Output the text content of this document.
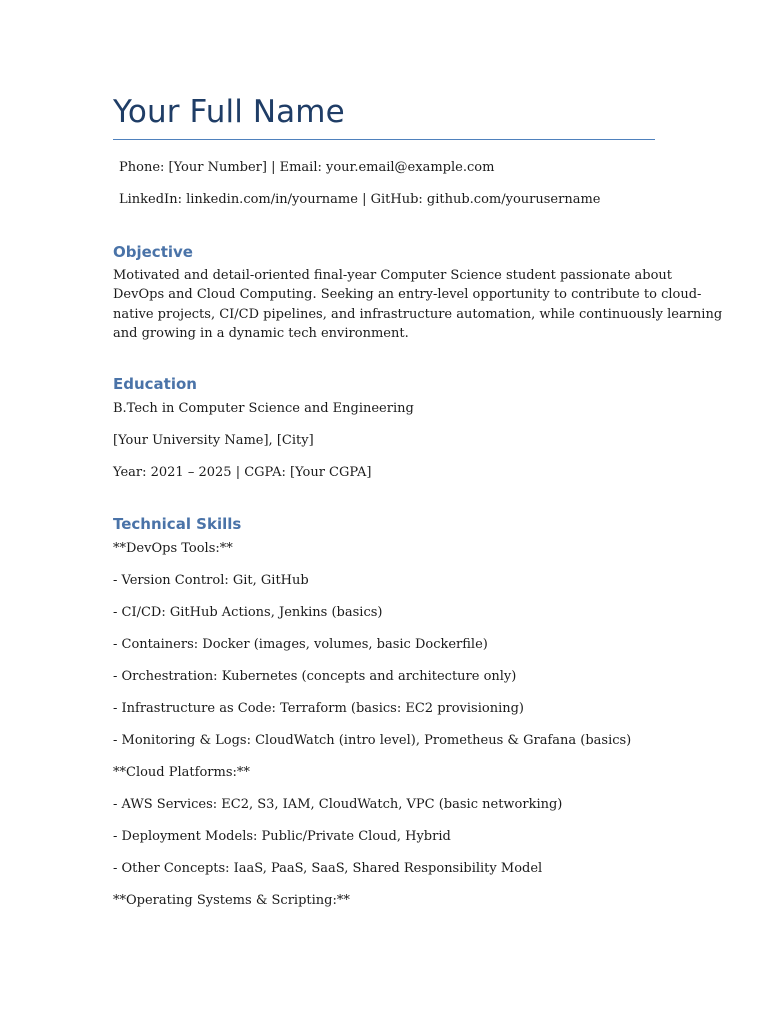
Your Full Name
Phone: [Your Number] | Email: your.email@example.com
LinkedIn: linkedin.com/in/yourname | GitHub: github.com/yourusername
Objective
Motivated and detail-oriented final-year Computer Science student passionate about
DevOps and Cloud Computing. Seeking an entry-level opportunity to contribute to cloud-
native projects, CI/CD pipelines, and infrastructure automation, while continuously learning
and growing in a dynamic tech environment.
Education
B.Tech in Computer Science and Engineering
[Your University Name], [City]
Year: 2021 – 2025 | CGPA: [Your CGPA]
Technical Skills
**DevOps Tools:**
- Version Control: Git, GitHub
- CI/CD: GitHub Actions, Jenkins (basics)
- Containers: Docker (images, volumes, basic Dockerfile)
- Orchestration: Kubernetes (concepts and architecture only)
- Infrastructure as Code: Terraform (basics: EC2 provisioning)
- Monitoring & Logs: CloudWatch (intro level), Prometheus & Grafana (basics)
**Cloud Platforms:**
- AWS Services: EC2, S3, IAM, CloudWatch, VPC (basic networking)
- Deployment Models: Public/Private Cloud, Hybrid
- Other Concepts: IaaS, PaaS, SaaS, Shared Responsibility Model
**Operating Systems & Scripting:**
